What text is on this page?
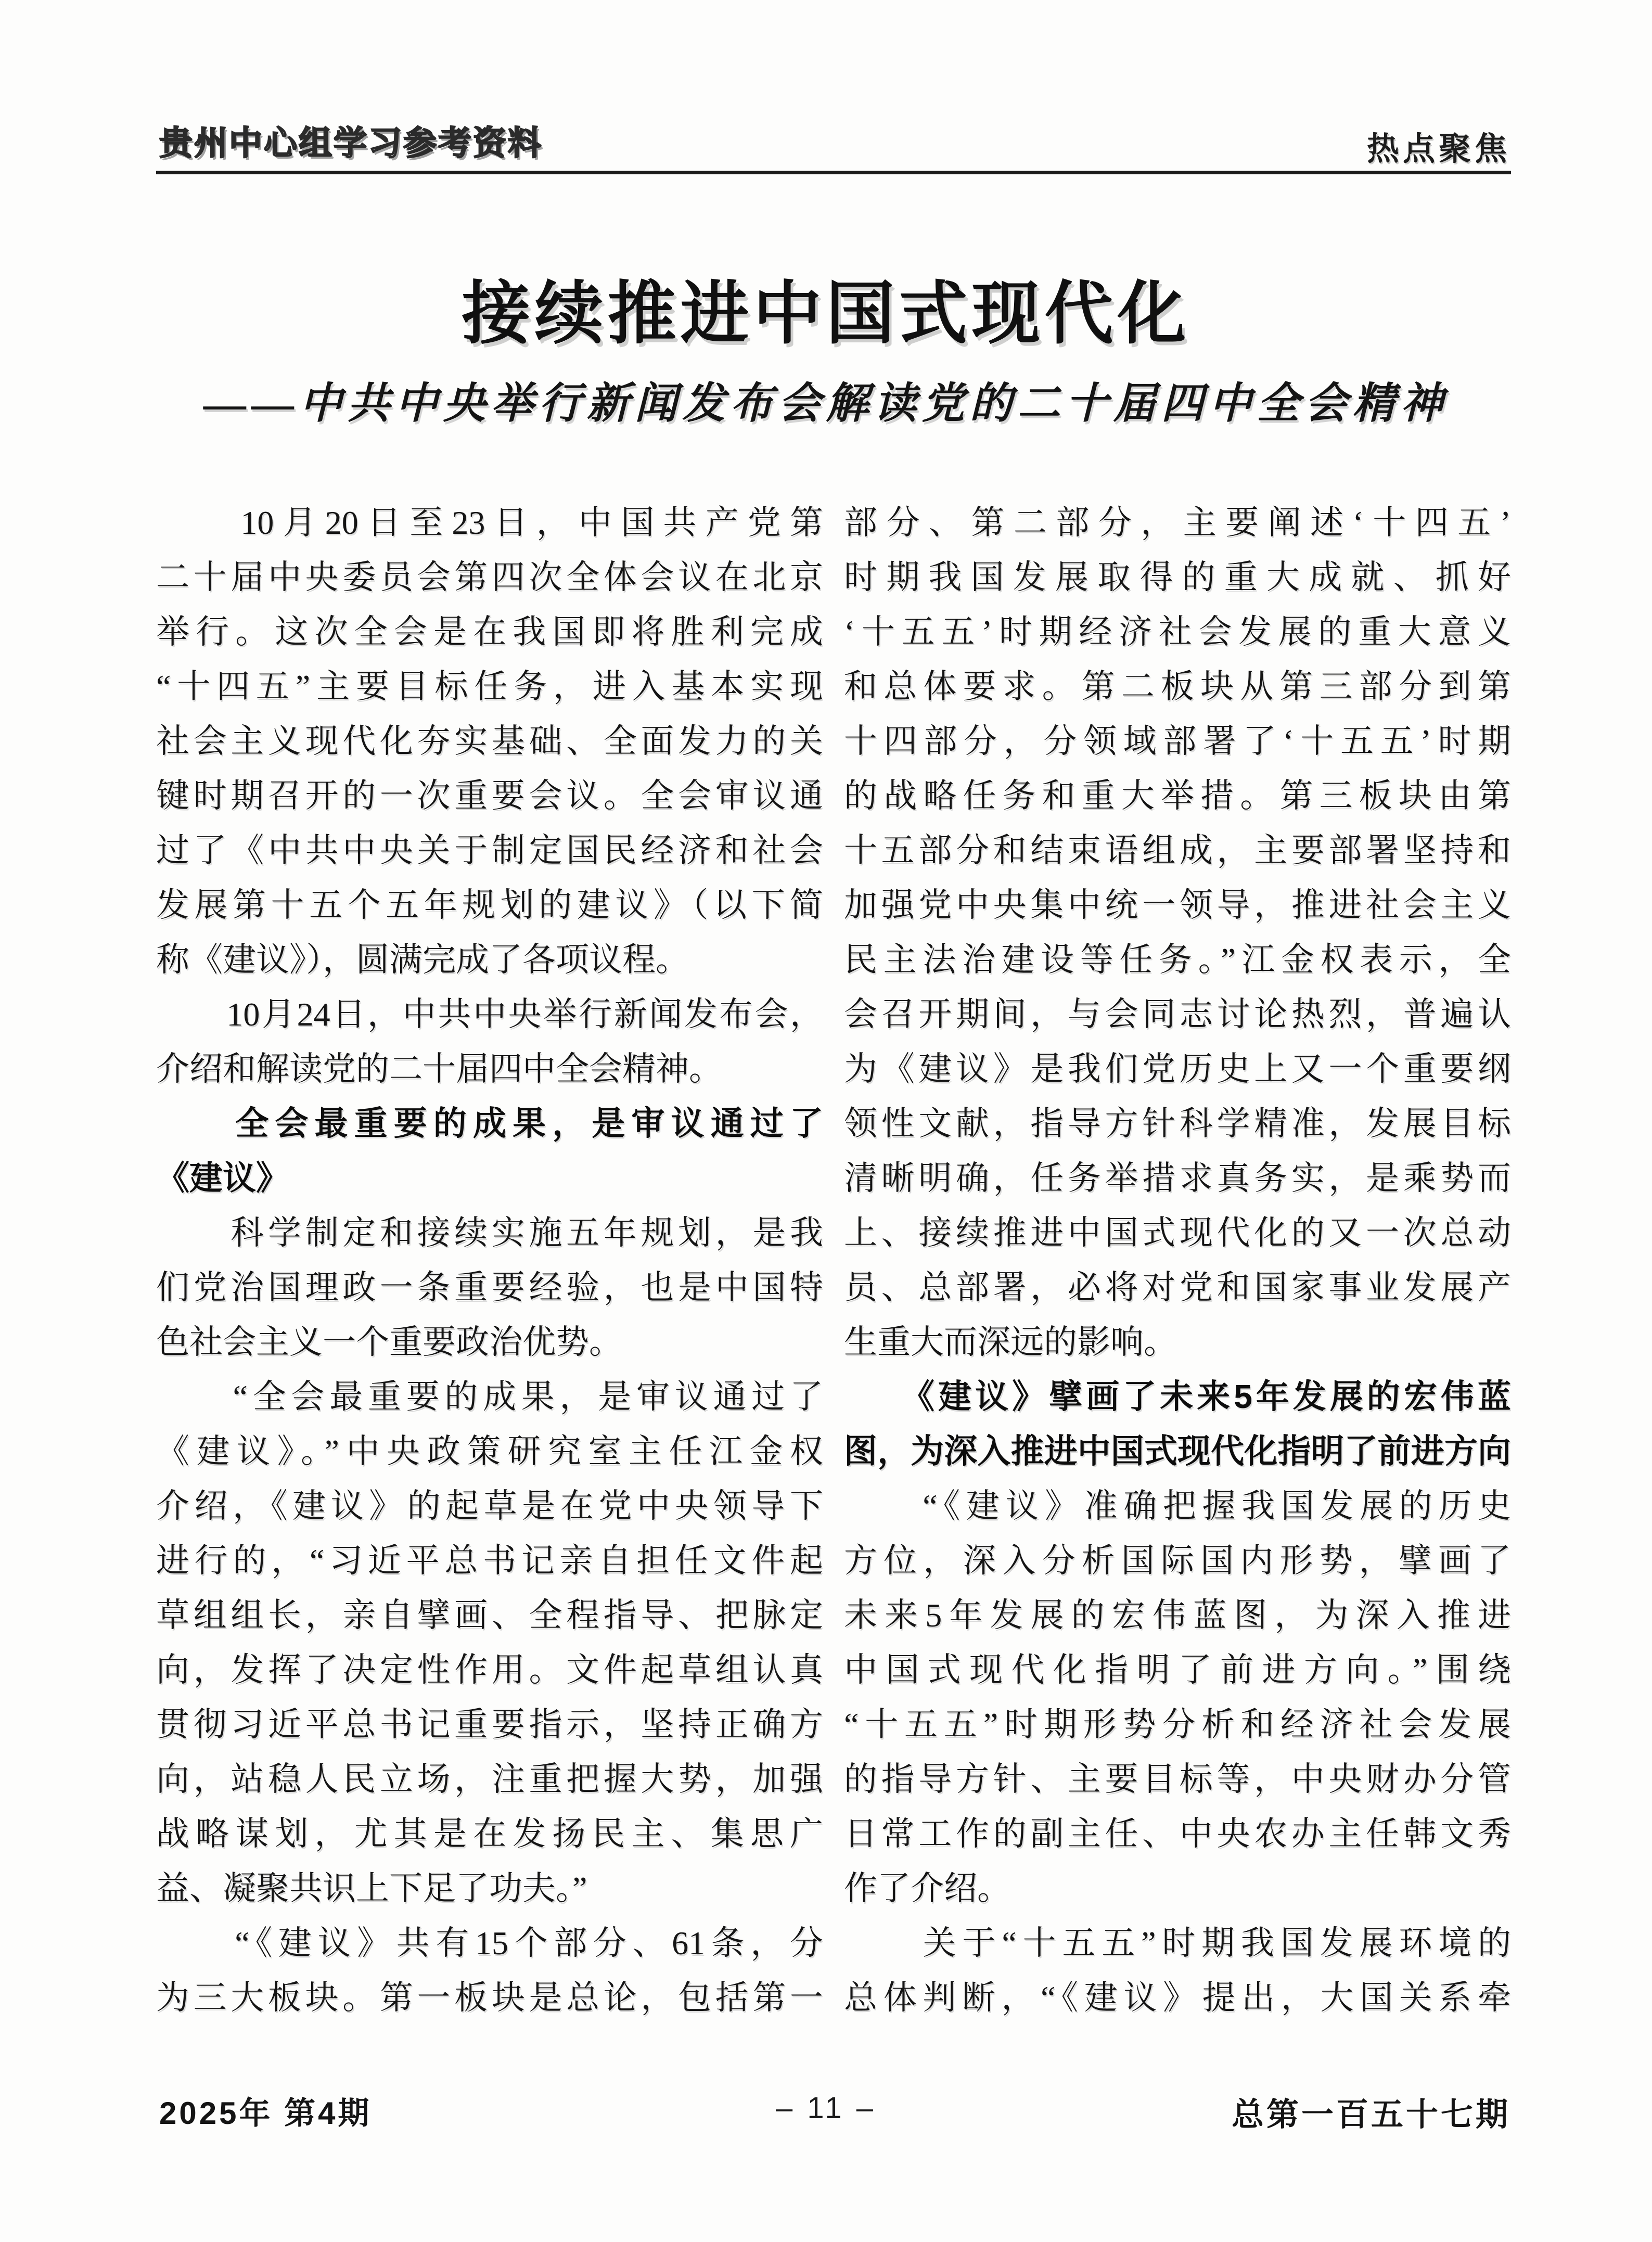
贵州中心组学习参考资料	热点聚焦
接续推进中国式现代化
——中共中央举行新闻发布会解读党的二十届四中全会精神
　　10月20日至23日，中国共产党第
二十届中央委员会第四次全体会议在北京
举行。这次全会是在我国即将胜利完成
“十四五”主要目标任务，进入基本实现
社会主义现代化夯实基础、全面发力的关
键时期召开的一次重要会议。全会审议通
过了《中共中央关于制定国民经济和社会
发展第十五个五年规划的建议》（以下简
称《建议》），圆满完成了各项议程。
　　10月24日，中共中央举行新闻发布会，
介绍和解读党的二十届四中全会精神。
　　全会最重要的成果，是审议通过了
《建议》
　　科学制定和接续实施五年规划，是我
们党治国理政一条重要经验，也是中国特
色社会主义一个重要政治优势。
　　“全会最重要的成果，是审议通过了
《建议》。”中央政策研究室主任江金权
介绍，《建议》的起草是在党中央领导下
进行的，“习近平总书记亲自担任文件起
草组组长，亲自擘画、全程指导、把脉定
向，发挥了决定性作用。文件起草组认真
贯彻习近平总书记重要指示，坚持正确方
向，站稳人民立场，注重把握大势，加强
战略谋划，尤其是在发扬民主、集思广
益、凝聚共识上下足了功夫。”
　　“《建议》共有15个部分、61条，分
为三大板块。第一板块是总论，包括第一
部分、第二部分，主要阐述‘十四五’
时期我国发展取得的重大成就、抓好
‘十五五’时期经济社会发展的重大意义
和总体要求。第二板块从第三部分到第
十四部分，分领域部署了‘十五五’时期
的战略任务和重大举措。第三板块由第
十五部分和结束语组成，主要部署坚持和
加强党中央集中统一领导，推进社会主义
民主法治建设等任务。”江金权表示，全
会召开期间，与会同志讨论热烈，普遍认
为《建议》是我们党历史上又一个重要纲
领性文献，指导方针科学精准，发展目标
清晰明确，任务举措求真务实，是乘势而
上、接续推进中国式现代化的又一次总动
员、总部署，必将对党和国家事业发展产
生重大而深远的影响。
　　《建议》擘画了未来5年发展的宏伟蓝
图，为深入推进中国式现代化指明了前进方向
　　“《建议》准确把握我国发展的历史
方位，深入分析国际国内形势，擘画了
未来5年发展的宏伟蓝图，为深入推进
中国式现代化指明了前进方向。”围绕
“十五五”时期形势分析和经济社会发展
的指导方针、主要目标等，中央财办分管
日常工作的副主任、中央农办主任韩文秀
作了介绍。
　　关于“十五五”时期我国发展环境的
总体判断，“《建议》提出，大国关系牵
2025年 第4期	– 11 –	总第一百五十七期
